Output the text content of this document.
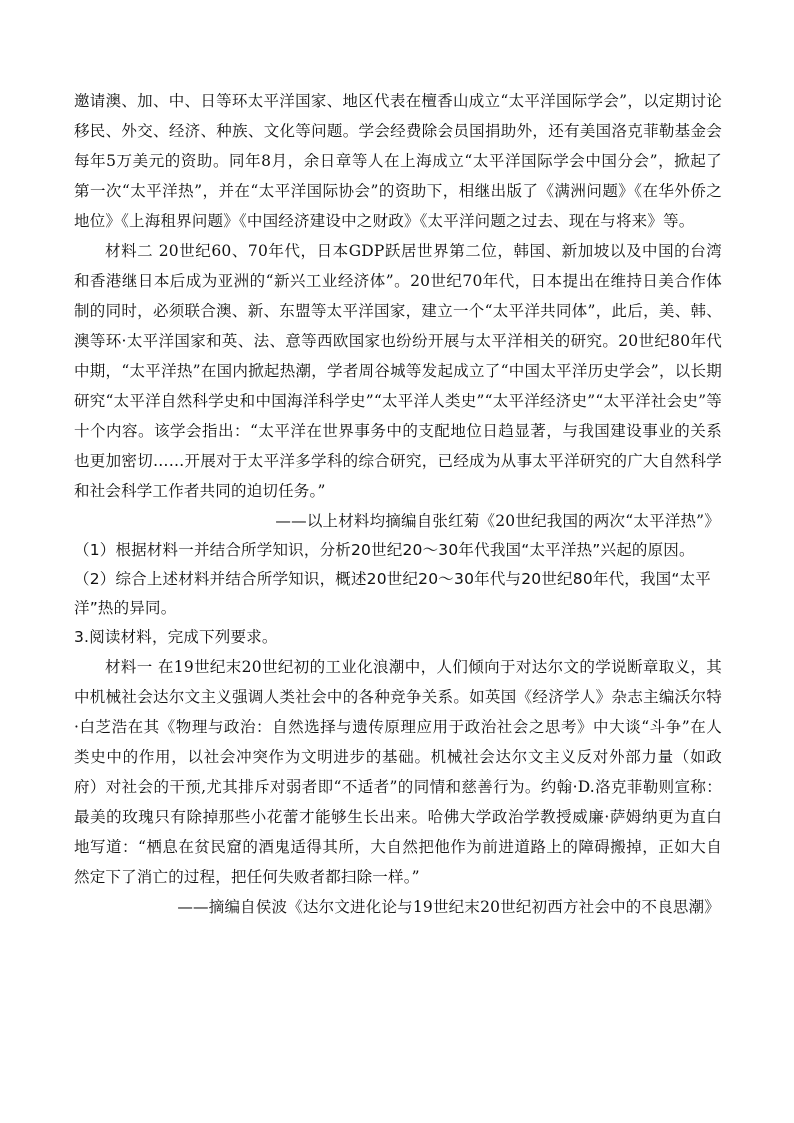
邀请澳、加、中、日等环太平洋国家、地区代表在檀香山成立“太平洋国际学会”，以定期讨论移民、外交、经济、种族、文化等问题。学会经费除会员国捐助外，还有美国洛克菲勒基金会每年5万美元的资助。同年8月，余日章等人在上海成立“太平洋国际学会中国分会”，掀起了第一次“太平洋热”，并在“太平洋国际协会”的资助下，相继出版了《满洲问题》《在华外侨之地位》《上海租界问题》《中国经济建设中之财政》《太平洋问题之过去、现在与将来》等。

材料二 20世纪60、70年代，日本GDP跃居世界第二位，韩国、新加坡以及中国的台湾和香港继日本后成为亚洲的“新兴工业经济体”。20世纪70年代，日本提出在维持日美合作体制的同时，必须联合澳、新、东盟等太平洋国家，建立一个“太平洋共同体”，此后，美、韩、澳等环·太平洋国家和英、法、意等西欧国家也纷纷开展与太平洋相关的研究。20世纪80年代中期，“太平洋热”在国内掀起热潮，学者周谷城等发起成立了“中国太平洋历史学会”，以长期研究“太平洋自然科学史和中国海洋科学史”“太平洋人类史”“太平洋经济史”“太平洋社会史”等十个内容。该学会指出：“太平洋在世界事务中的支配地位日趋显著，与我国建设事业的关系也更加密切……开展对于太平洋多学科的综合研究，已经成为从事太平洋研究的广大自然科学和社会科学工作者共同的迫切任务。”

——以上材料均摘编自张红菊《20世纪我国的两次“太平洋热”》

（1）根据材料一并结合所学知识，分析20世纪20～30年代我国“太平洋热”兴起的原因。

（2）综合上述材料并结合所学知识，概述20世纪20～30年代与20世纪80年代，我国“太平洋”热的异同。

3.阅读材料，完成下列要求。

材料一 在19世纪末20世纪初的工业化浪潮中，人们倾向于对达尔文的学说断章取义，其中机械社会达尔文主义强调人类社会中的各种竞争关系。如英国《经济学人》杂志主编沃尔特·白芝浩在其《物理与政治：自然选择与遗传原理应用于政治社会之思考》中大谈“斗争”在人类史中的作用，以社会冲突作为文明进步的基础。机械社会达尔文主义反对外部力量（如政府）对社会的干预,尤其排斥对弱者即“不适者”的同情和慈善行为。约翰·D.洛克菲勒则宣称：最美的玫瑰只有除掉那些小花蕾才能够生长出来。哈佛大学政治学教授威廉·萨姆纳更为直白地写道：“栖息在贫民窟的酒鬼适得其所，大自然把他作为前进道路上的障碍搬掉，正如大自然定下了消亡的过程，把任何失败者都扫除一样。”

——摘编自侯波《达尔文进化论与19世纪末20世纪初西方社会中的不良思潮》
